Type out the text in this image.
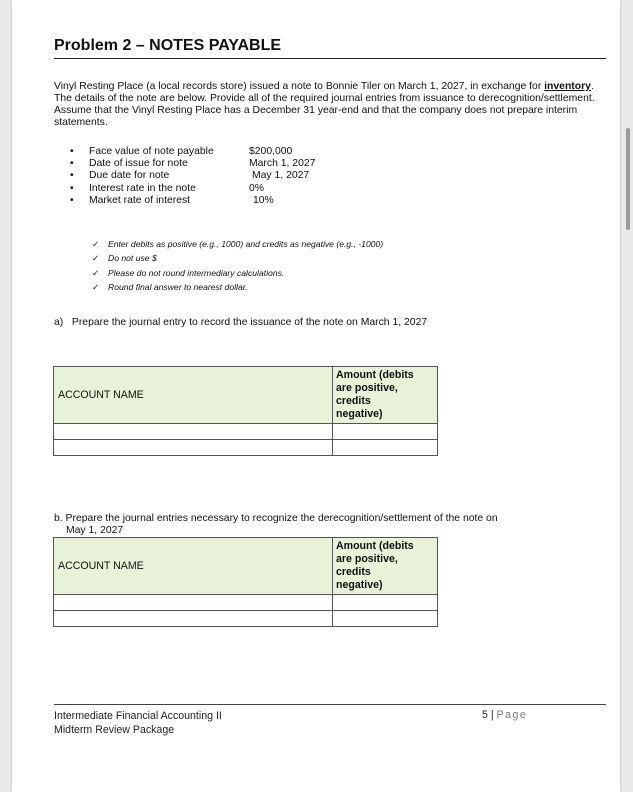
Problem 2 – NOTES PAYABLE
Vinyl Resting Place (a local records store) issued a note to Bonnie Tiler on March 1, 2027, in exchange for inventory. The details of the note are below. Provide all of the required journal entries from issuance to derecognition/settlement. Assume that the Vinyl Resting Place has a December 31 year-end and that the company does not prepare interim statements.
• Face value of note payable	$200,000
• Date of issue for note	March 1, 2027
• Due date for note	May 1, 2027
• Interest rate in the note	0%
• Market rate of interest	10%
✓ Enter debits as positive (e.g., 1000) and credits as negative (e.g., -1000)
✓ Do not use $
✓ Please do not round intermediary calculations.
✓ Round final answer to nearest dollar.
a)   Prepare the journal entry to record the issuance of the note on March 1, 2027
ACCOUNT NAME	Amount (debits
are positive,
credits
negative)

b. Prepare the journal entries necessary to recognize the derecognition/settlement of the note on
May 1, 2027
ACCOUNT NAME	Amount (debits
are positive,
credits
negative)

Intermediate Financial Accounting II
Midterm Review Package
5 | Page
